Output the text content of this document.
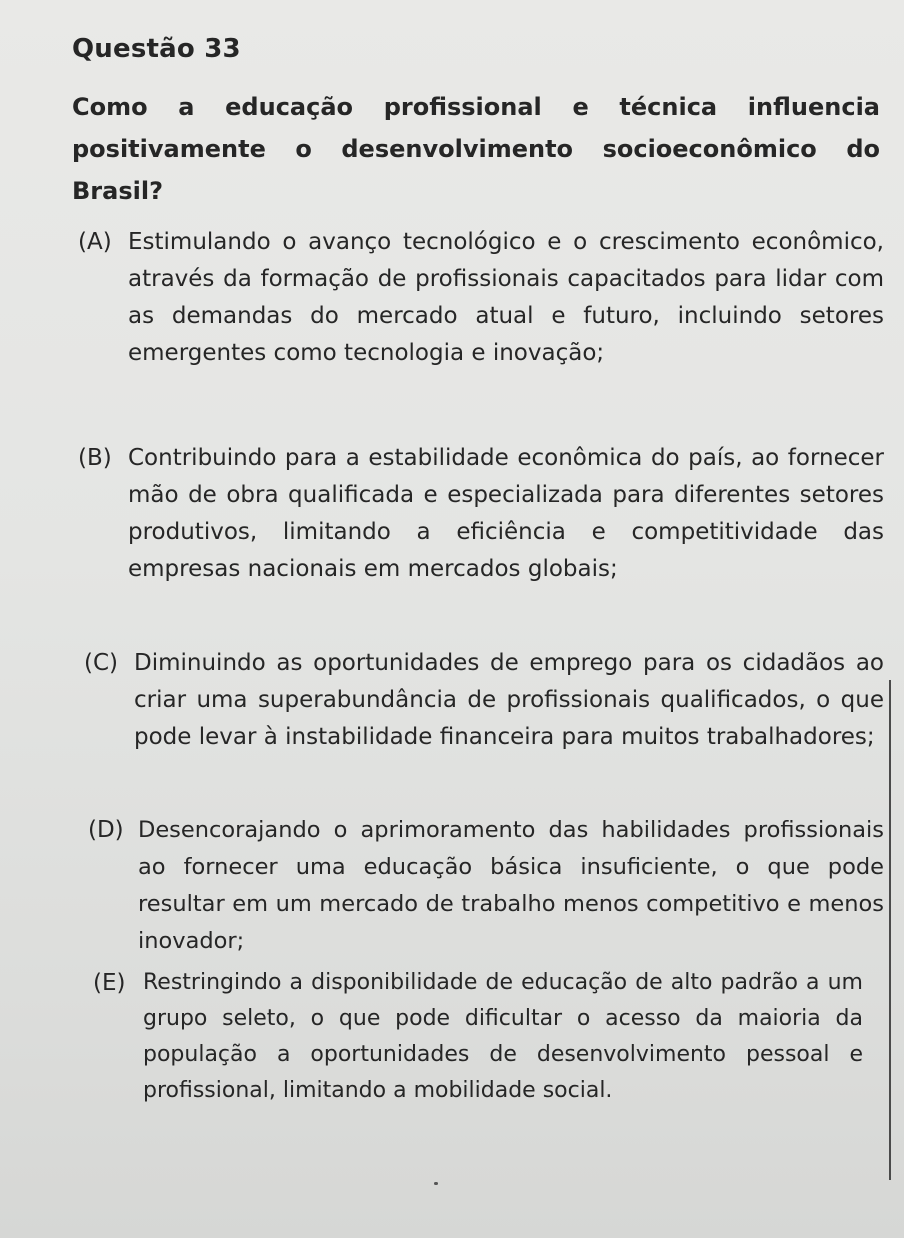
Questão 33
Como a educação profissional e técnica influencia positivamente o desenvolvimento socioeconômico do Brasil?
(A) Estimulando o avanço tecnológico e o crescimento econômico, através da formação de profissionais capacitados para lidar com as demandas do mercado atual e futuro, incluindo setores emergentes como tecnologia e inovação;
(B) Contribuindo para a estabilidade econômica do país, ao fornecer mão de obra qualificada e especializada para diferentes setores produtivos, limitando a eficiência e competitividade das empresas nacionais em mercados globais;
(C) Diminuindo as oportunidades de emprego para os cidadãos ao criar uma superabundância de profissionais qualificados, o que pode levar à instabilidade financeira para muitos trabalhadores;
(D) Desencorajando o aprimoramento das habilidades profissionais ao fornecer uma educação básica insuficiente, o que pode resultar em um mercado de trabalho menos competitivo e menos inovador;
(E) Restringindo a disponibilidade de educação de alto padrão a um grupo seleto, o que pode dificultar o acesso da maioria da população a oportunidades de desenvolvimento pessoal e profissional, limitando a mobilidade social.
